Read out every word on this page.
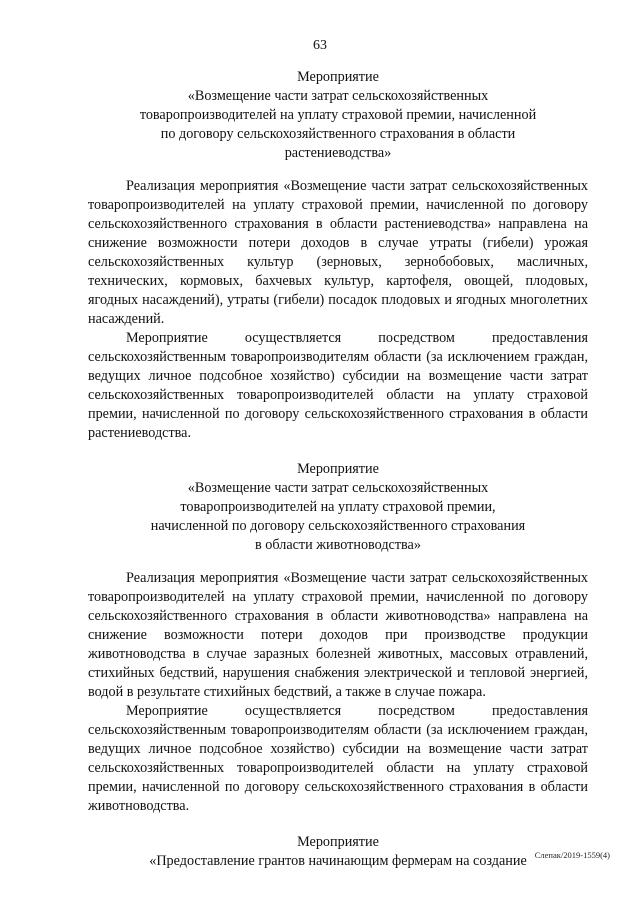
63
Мероприятие
«Возмещение части затрат сельскохозяйственных
товаропроизводителей на уплату страховой премии, начисленной
по договору сельскохозяйственного страхования в области
растениеводства»

Реализация мероприятия «Возмещение части затрат сельскохозяйственных товаропроизводителей на уплату страховой премии, начисленной по договору сельскохозяйственного страхования в области растениеводства» направлена на снижение возможности потери доходов в случае утраты (гибели) урожая сельскохозяйственных культур (зерновых, зернобобовых, масличных, технических, кормовых, бахчевых культур, картофеля, овощей, плодовых, ягодных насаждений), утраты (гибели) посадок плодовых и ягодных многолетних насаждений.

Мероприятие осуществляется посредством предоставления сельскохозяйственным товаропроизводителям области (за исключением граждан, ведущих личное подсобное хозяйство) субсидии на возмещение части затрат сельскохозяйственных товаропроизводителей области на уплату страховой премии, начисленной по договору сельскохозяйственного страхования в области растениеводства.

Мероприятие
«Возмещение части затрат сельскохозяйственных
товаропроизводителей на уплату страховой премии,
начисленной по договору сельскохозяйственного страхования
в области животноводства»

Реализация мероприятия «Возмещение части затрат сельскохозяйственных товаропроизводителей на уплату страховой премии, начисленной по договору сельскохозяйственного страхования в области животноводства» направлена на снижение возможности потери доходов при производстве продукции животноводства в случае заразных болезней животных, массовых отравлений, стихийных бедствий, нарушения снабжения электрической и тепловой энергией, водой в результате стихийных бедствий, а также в случае пожара.

Мероприятие осуществляется посредством предоставления сельскохозяйственным товаропроизводителям области (за исключением граждан, ведущих личное подсобное хозяйство) субсидии на возмещение части затрат сельскохозяйственных товаропроизводителей области на уплату страховой премии, начисленной по договору сельскохозяйственного страхования в области животноводства.

Мероприятие
«Предоставление грантов начинающим фермерам на создание Слепак/2019-1559(4)
